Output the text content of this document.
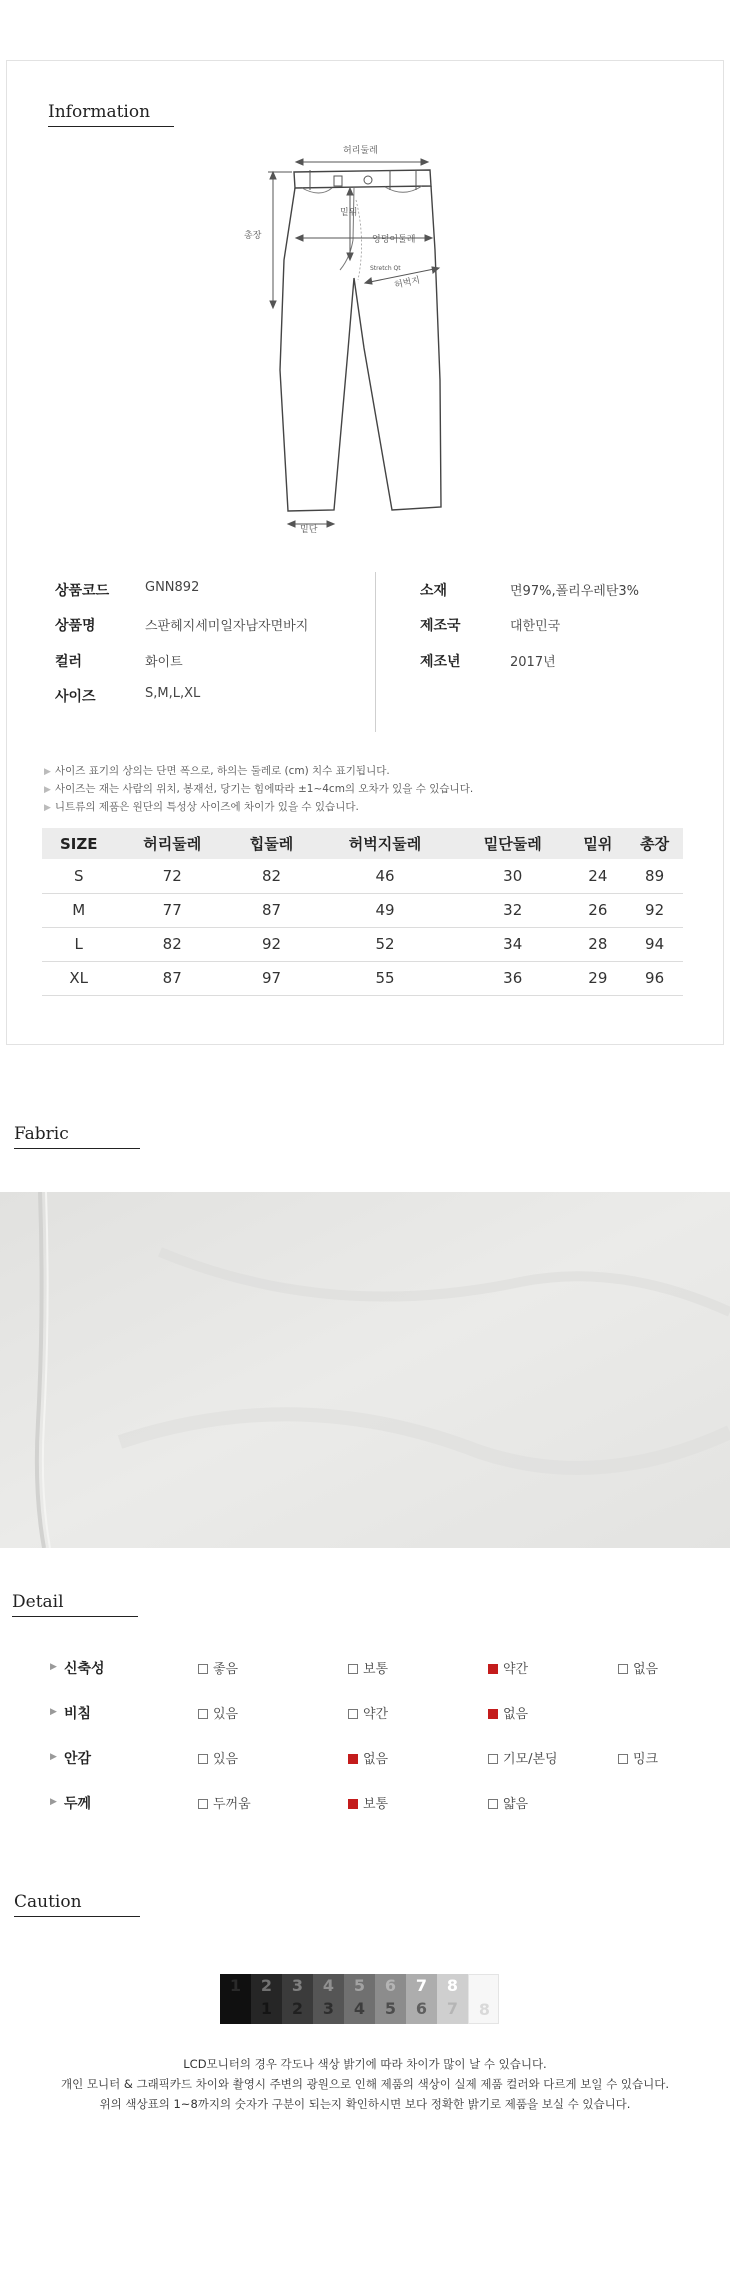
Information
허리둘레
총장
밑위
엉덩이둘레
Stretch Qt
허벅지
밑단
상품코드	GNN892
상품명	스판헤지세미일자남자면바지
컬러	화이트
사이즈	S,M,L,XL
소재	면97%,폴리우레탄3%
제조국	대한민국
제조년	2017년
▶ 사이즈 표기의 상의는 단면 폭으로, 하의는 둘레로 (cm) 치수 표기됩니다.
▶ 사이즈는 재는 사람의 위치, 봉재선, 당기는 힘에따라 ±1~4cm의 오차가 있을 수 있습니다.
▶ 니트류의 제품은 원단의 특성상 사이즈에 차이가 있을 수 있습니다.
SIZE	허리둘레	힙둘레	허벅지둘레	밑단둘레	밑위	총장
S	72	82	46	30	24	89
M	77	87	49	32	26	92
L	82	92	52	34	28	94
XL	87	97	55	36	29	96
Fabric
Detail
▶ 신축성	좋음	보통	약간	없음
▶ 비침	있음	약간	없음
▶ 안감	있음	없음	기모/본딩	밍크
▶ 두께	두꺼움	보통	얇음
Caution
1	2
1
3
2
4
3
5
4
6
5
7
6
8
7	8
LCD모니터의 경우 각도나 색상 밝기에 따라 차이가 많이 날 수 있습니다.
개인 모니터 & 그래픽카드 차이와 촬영시 주변의 광원으로 인해 제품의 색상이 실제 제품 컬러와 다르게 보일 수 있습니다.
위의 색상표의 1~8까지의 숫자가 구분이 되는지 확인하시면 보다 정확한 밝기로 제품을 보실 수 있습니다.
